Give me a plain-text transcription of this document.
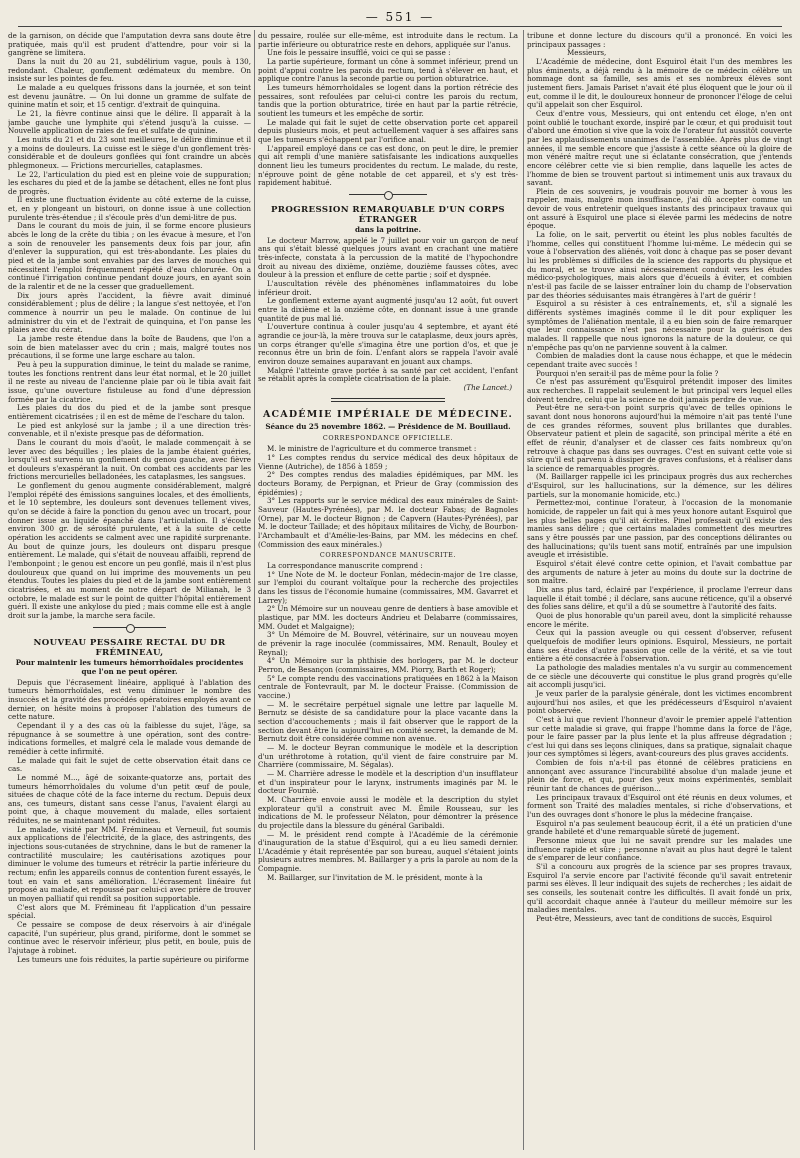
— 551 —

de la garnison, on décide que l'amputation devra sans doute être pratiquée, mais qu'il est prudent d'attendre, pour voir si la gangrène se limitera.

Dans la nuit du 20 au 21, subdélirium vague, pouls à 130, redondant. Chaleur, gonflement œdémateux du membre. On insiste sur les pointes de feu.

Le malade a eu quelques frissons dans la journée, et son teint est devenu jaunâtre. — On lui donne un gramme de sulfate de quinine matin et soir, et 15 centigr. d'extrait de quinquina.

Le 21, la fièvre continue ainsi que le délire. Il apparaît à la jambe gauche une lymphite qui s'étend jusqu'à la cuisse. — Nouvelle application de raies de feu et sulfate de quinine.

Les nuits du 21 et du 23 sont meilleures, le délire diminue et il y a moins de douleurs. La cuisse est le siège d'un gonflement très-considérable et de douleurs gonflées qui font craindre un abcès phlegmoneux. — Frictions mercurielles, cataplasmes.

Le 22, l'articulation du pied est en pleine voie de suppuration; les eschares du pied et de la jambe se détachent, elles ne font plus de progrès.

Il existe une fluctuation évidente au côté externe de la cuisse, et, en y plongeant un bistouri, on donne issue à une collection purulente très-étendue ; il s'écoule près d'un demi-litre de pus.

Dans le courant du mois de juin, il se forme encore plusieurs abcès le long de la crête du tibia ; on les évacue à mesure, et l'on a soin de renouveler les pansements deux fois par jour, afin d'enlever la suppuration, qui est très-abondante. Les plaies du pied et de la jambe sont envahies par des larves de mouches qui nécessitent l'emploi fréquemment répété d'eau chlorurée. On a continué l'irrigation continue pendant douze jours, en ayant soin de la ralentir et de ne la cesser que graduellement.

Dix jours après l'accident, la fièvre avait diminué considérablement ; plus de délire ; la langue s'est nettoyée, et l'on commence à nourrir un peu le malade. On continue de lui administrer du vin et de l'extrait de quinquina, et l'on panse les plaies avec du cérat.

La jambe reste étendue dans la boîte de Baudens, que l'on a soin de bien matelasser avec du crin ; mais, malgré toutes nos précautions, il se forme une large eschare au talon.

Peu à peu la suppuration diminue, le teint du malade se ranime, toutes les fonctions rentrent dans leur état normal, et le 20 juillet il ne reste au niveau de l'ancienne plaie par où le tibia avait fait issue, qu'une ouverture fistuleuse au fond d'une dépression formée par la cicatrice.

Les plaies du dos du pied et de la jambe sont presque entièrement cicatrisées ; il en est de même de l'eschare du talon.

Le pied est ankylosé sur la jambe ; il a une direction très-convenable, et il n'existe presque pas de déformation.

Dans le courant du mois d'août, le malade commençait à se lever avec des béquilles ; les plaies de la jambe étaient guéries, lorsqu'il est survenu un gonflement du genou gauche, avec fièvre et douleurs s'exaspérant la nuit. On combat ces accidents par les frictions mercurielles belladonées, les cataplasmes, les sangsues.

Le gonflement du genou augmente considérablement, malgré l'emploi répété des émissions sanguines locales, et des émollients, et le 10 septembre, les douleurs sont devenues tellement vives, qu'on se décide à faire la ponction du genou avec un trocart, pour donner issue au liquide épanché dans l'articulation. Il s'écoule environ 300 gr. de sérosité purulente, et à la suite de cette opération les accidents se calment avec une rapidité surprenante. Au bout de quinze jours, les douleurs ont disparu presque entièrement. Le malade, qui s'était de nouveau affaibli, reprend de l'embonpoint ; le genou est encore un peu gonflé, mais il n'est plus douloureux que quand on lui imprime des mouvements un peu étendus. Toutes les plaies du pied et de la jambe sont entièrement cicatrisées, et au moment de notre départ de Milianah, le 3 octobre, le malade est sur le point de quitter l'hôpital entièrement guéri. Il existe une ankylose du pied ; mais comme elle est à angle droit sur la jambe, la marche sera facile.

NOUVEAU PESSAIRE RECTAL DU DR FRÉMINEAU,
Pour maintenir les tumeurs hémorrhoïdales procidentes que l'on ne peut opérer.

Depuis que l'écrasement linéaire, appliqué à l'ablation des tumeurs hémorrhoïdales, est venu diminuer le nombre des insuccès et la gravité des procédés opératoires employés avant ce dernier, on hésite moins à proposer l'ablation des tumeurs de cette nature.

Cependant il y a des cas où la faiblesse du sujet, l'âge, sa répugnance à se soumettre à une opération, sont des contre-indications formelles, et malgré cela le malade vous demande de remédier à cette infirmité.

Le malade qui fait le sujet de cette observation était dans ce cas.

Le nommé M..., âgé de soixante-quatorze ans, portait des tumeurs hémorrhoïdales du volume d'un petit œuf de poule, situées de chaque côté de la face interne du rectum. Depuis deux ans, ces tumeurs, distant sans cesse l'anus, l'avaient élargi au point que, à chaque mouvement du malade, elles sortaient réduites, ne se maintenant point réduites.

Le malade, visité par MM. Frémineau et Verneuil, fut soumis aux applications de l'électricité, de la glace, des astringents, des injections sous-cutanées de strychnine, dans le but de ramener la contractilité musculaire; les cautérisations azotiques pour diminuer le volume des tumeurs et rétrécir la partie inférieure du rectum; enfin les appareils connus de contention furent essayés, le tout en vain et sans amélioration. L'écrasement linéaire fut proposé au malade, et repoussé par celui-ci avec prière de trouver un moyen palliatif qui rendît sa position supportable.

C'est alors que M. Frémineau fit l'application d'un pessaire spécial.

Ce pessaire se compose de deux réservoirs à air d'inégale capacité, l'un supérieur, plus grand, piriforme, dont le sommet se continue avec le réservoir inférieur, plus petit, en boule, puis de l'ajutage à robinet.

Les tumeurs une fois réduites, la partie supérieure ou piriforme

du pessaire, roulée sur elle-même, est introduite dans le rectum. La partie inférieure ou obturatrice reste en dehors, appliquée sur l'anus.

Une fois le pessaire insufflé, voici ce qui se passe :

La partie supérieure, formant un cône à sommet inférieur, prend un point d'appui contre les parois du rectum, tend à s'élever en haut, et applique contre l'anus la seconde partie ou portion obturatrice.

Les tumeurs hémorrhoïdales se logent dans la portion rétrécie des pessaires, sont refoulées par celui-ci contre les parois du rectum, tandis que la portion obturatrice, tirée en haut par la partie rétrécie, soutient les tumeurs et les empêche de sortir.

Le malade qui fait le sujet de cette observation porte cet appareil depuis plusieurs mois, et peut actuellement vaquer à ses affaires sans que les tumeurs s'échappent par l'orifice anal.

L'appareil employé dans ce cas est donc, on peut le dire, le premier qui ait rempli d'une manière satisfaisante les indications auxquelles donnent lieu les tumeurs procidentes du rectum. Le malade, du reste, n'éprouve point de gêne notable de cet appareil, et s'y est très-rapidement habitué.

PROGRESSION REMARQUABLE D'UN CORPS ÉTRANGER
dans la poitrine.

Le docteur Marrow, appelé le 7 juillet pour voir un garçon de neuf ans qui s'était blessé quelques jours avant en crachant une matière très-infecte, constata à la percussion de la matité de l'hypochondre droit au niveau des dixième, onzième, douzième fausses côtes, avec douleur à la pression et enflure de cette partie ; soif et dyspnée.

L'auscultation révèle des phénomènes inflammatoires du lobe inférieur droit.

Le gonflement externe ayant augmenté jusqu'au 12 août, fut ouvert entre la dixième et la onzième côte, en donnant issue à une grande quantité de pus mal lié.

L'ouverture continua à couler jusqu'au 4 septembre, et ayant été agrandie ce jour-là, la mère trouva sur le cataplasme, deux jours après, un corps étranger qu'elle s'imagina être une portion d'os, et que je reconnus être un brin de foin. L'enfant alors se rappela l'avoir avalé environ douze semaines auparavant en jouant aux champs.

Malgré l'atteinte grave portée à sa santé par cet accident, l'enfant se rétablit après la complète cicatrisation de la plaie.

(The Lancet.)
ACADÉMIE IMPÉRIALE DE MÉDECINE.

Séance du 25 novembre 1862. — Présidence de M. Bouillaud.

CORRESPONDANCE OFFICIELLE.

M. le ministre de l'agriculture et du commerce transmet :

1° Les comptes rendus du service médical des deux hôpitaux de Vienne (Autriche), de 1856 à 1859 ;

2° Des comptes rendus des maladies épidémiques, par MM. les docteurs Boramy, de Perpignan, et Prieur de Gray (commission des épidémies) ;

3° Les rapports sur le service médical des eaux minérales de Saint-Sauveur (Hautes-Pyrénées), par M. le docteur Fabas; de Bagnoles (Orne), par M. le docteur Bignon ; de Capvern (Hautes-Pyrénées), par M. le docteur Taillade; et des hôpitaux militaires de Vichy, de Bourbon-l'Archambault et d'Amélie-les-Bains, par MM. les médecins en chef. (Commission des eaux minérales.)

CORRESPONDANCE MANUSCRITE.

La correspondance manuscrite comprend :

1° Une Note de M. le docteur Fonlan, médecin-major de 1re classe, sur l'emploi du courant voltaïque pour la recherche des projectiles dans les tissus de l'économie humaine (commissaires, MM. Gavarret et Larrey);

2° Un Mémoire sur un nouveau genre de dentiers à base amovible et plastique, par MM. les docteurs Andrieu et Delabarre (commissaires, MM. Oudet et Malgaigne);

3° Un Mémoire de M. Bouvrel, vétérinaire, sur un nouveau moyen de prévenir la rage inoculée (commissaires, MM. Renault, Bouley et Reynal);

4° Un Mémoire sur la phthisie des horlogers, par M. le docteur Perron, de Besançon (commissaires, MM. Piorry, Barth et Roger);

5° Le compte rendu des vaccinations pratiquées en 1862 à la Maison centrale de Fontevrault, par M. le docteur Fraisse. (Commission de vaccine.)

— M. le secrétaire perpétuel signale une lettre par laquelle M. Bernutz se désiste de sa candidature pour la place vacante dans la section d'accouchements ; mais il fait observer que le rapport de la section devant être lu aujourd'hui en comité secret, la demande de M. Bernutz doit être considérée comme non avenue.

— M. le docteur Beyran communique le modèle et la description d'un uréthrotome à rotation, qu'il vient de faire construire par M. Charrière (commissaire, M. Ségalas).

— M. Charrière adresse le modèle et la description d'un insufflateur et d'un inspirateur pour le larynx, instruments imaginés par M. le docteur Fourniè.

M. Charrière envoie aussi le modèle et la description du stylet explorateur qu'il a construit avec M. Émile Rousseau, sur les indications de M. le professeur Nélaton, pour démontrer la présence du projectile dans la blessure du général Garibaldi.

— M. le président rend compte à l'Académie de la cérémonie d'inauguration de la statue d'Esquirol, qui a eu lieu samedi dernier. L'Académie y était représentée par son bureau, auquel s'étaient joints plusieurs autres membres. M. Baillarger y a pris la parole au nom de la Compagnie.

M. Baillarger, sur l'invitation de M. le président, monte à la

tribune et donne lecture du discours qu'il a prononcé. En voici les principaux passages :

Messieurs,

L'Académie de médecine, dont Esquirol était l'un des membres les plus éminents, a déjà rendu à la mémoire de ce médecin célèbre un hommage dont sa famille, ses amis et ses nombreux élèves sont justement fiers. Jamais Pariset n'avait été plus éloquent que le jour où il eut, comme il le dit, le douloureux honneur de prononcer l'éloge de celui qu'il appelait son cher Esquirol.

Ceux d'entre vous, Messieurs, qui ont entendu cet éloge, n'en ont point oublié le touchant exorde, inspiré par le cœur, et qui produisit tout d'abord une émotion si vive que la voix de l'orateur fut aussitôt couverte par les applaudissements unanimes de l'assemblée. Après plus de vingt années, il me semble encore que j'assiste à cette séance où la gloire de mon vénéré maître reçut une si éclatante consécration, que j'entends encore célébrer cette vie si bien remplie, dans laquelle les actes de l'homme de bien se trouvent partout si intimement unis aux travaux du savant.

Plein de ces souvenirs, je voudrais pouvoir me borner à vous les rappeler, mais, malgré mon insuffisance, j'ai dû accepter comme un devoir de vous entretenir quelques instants des principaux travaux qui ont assuré à Esquirol une place si élevée parmi les médecins de notre époque.

La folie, on le sait, pervertit ou éteint les plus nobles facultés de l'homme, celles qui constituent l'homme lui-même. Le médecin qui se voue à l'observation des aliénés, voit donc à chaque pas se poser devant lui les problèmes si difficiles de la science des rapports du physique et du moral, et se trouve ainsi nécessairement conduit vers les études médico-psychologiques, mais alors que d'écueils à éviter, et combien n'est-il pas facile de se laisser entraîner loin du champ de l'observation par des théories séduisantes mais étrangères à l'art de guérir !

Esquirol a su résister à ces entraînements, et, s'il a signalé les différents systèmes imaginés comme il le dit pour expliquer les symptômes de l'aliénation mentale, il a eu bien soin de faire remarquer que leur connaissance n'est pas nécessaire pour la guérison des malades. Il rappelle que nous ignorons la nature de la douleur, ce qui n'empêche pas qu'on ne parvienne souvent à la calmer.

Combien de maladies dont la cause nous échappe, et que le médecin cependant traite avec succès !

Pourquoi n'en serait-il pas de même pour la folie ?

Ce n'est pas assurément qu'Esquirol prétendit imposer des limites aux recherches. Il rappelait seulement le but principal vers lequel elles doivent tendre, celui que la science ne doit jamais perdre de vue.

Peut-être ne sera-t-on point surpris qu'avec de telles opinions le savant dont nous honorons aujourd'hui la mémoire n'ait pas tenté l'une de ces grandes réformes, souvent plus brillantes que durables. Observateur patient et plein de sagacité, son principal mérite a été en effet de réunir, d'analyser et de classer ces faits nombreux qu'on retrouve à chaque pas dans ses ouvrages. C'est en suivant cette voie si sûre qu'il est parvenu à dissiper de graves confusions, et à réaliser dans la science de remarquables progrès.

(M. Baillarger rappelle ici les principaux progrès dus aux recherches d'Esquirol, sur les hallucinations, sur la démence, sur les délires partiels, sur la monomanie homicide, etc.)

Permettez-moi, continue l'orateur, à l'occasion de la monomanie homicide, de rappeler un fait qui à mes yeux honore autant Esquirol que les plus belles pages qu'il ait écrites. Pinel professait qu'il existe des manies sans délire ; que certains malades commettent des meurtres sans y être poussés par une passion, par des conceptions délirantes ou des hallucinations; qu'ils tuent sans motif, entraînés par une impulsion aveugle et irrésistible.

Esquirol s'était élevé contre cette opinion, et l'avait combattue par des arguments de nature à jeter au moins du doute sur la doctrine de son maître.

Dix ans plus tard, éclairé par l'expérience, il proclame l'erreur dans laquelle il était tombé ; il déclare, sans aucune réticence, qu'il a observé des folies sans délire, et qu'il a dû se soumettre à l'autorité des faits.

Quoi de plus honorable qu'un pareil aveu, dont la simplicité rehausse encore le mérite.

Ceux qui la passion aveugle ou qui cessent d'observer, refusent quelquefois de modifier leurs opinions. Esquirol, Messieurs, ne portait dans ses études d'autre passion que celle de la vérité, et sa vie tout entière a été consacrée à l'observation.

La pathologie des maladies mentales n'a vu surgir au commencement de ce siècle une découverte qui constitue le plus grand progrès qu'elle ait accompli jusqu'ici.

Je veux parler de la paralysie générale, dont les victimes encombrent aujourd'hui nos asiles, et que les prédécesseurs d'Esquirol n'avaient point observée.

C'est à lui que revient l'honneur d'avoir le premier appelé l'attention sur cette maladie si grave, qui frappe l'homme dans la force de l'âge, pour le faire passer par la plus lente et la plus affreuse dégradation ; c'est lui qui dans ses leçons cliniques, dans sa pratique, signalait chaque jour ces symptômes si légers, avant-coureurs des plus graves accidents.

Combien de fois n'a-t-il pas étonné de célèbres praticiens en annonçant avec assurance l'incurabilité absolue d'un malade jeune et plein de force, et qui, pour des yeux moins expérimentés, semblait réunir tant de chances de guérison...

Les principaux travaux d'Esquirol ont été réunis en deux volumes, et forment son Traité des maladies mentales, si riche d'observations, et l'un des ouvrages dont s'honore le plus la médecine française.

Esquirol n'a pas seulement beaucoup écrit, il a été un praticien d'une grande habileté et d'une remarquable sûreté de jugement.

Personne mieux que lui ne savait prendre sur les malades une influence rapide et sûre ; personne n'avait au plus haut degré le talent de s'emparer de leur confiance.

S'il a concouru aux progrès de la science par ses propres travaux, Esquirol l'a servie encore par l'activité féconde qu'il savait entretenir parmi ses élèves. Il leur indiquait des sujets de recherches ; les aidait de ses conseils, les soutenait contre les difficultés. Il avait fondé un prix, qu'il accordait chaque année à l'auteur du meilleur mémoire sur les maladies mentales.

Peut-être, Messieurs, avec tant de conditions de succès, Esquirol
